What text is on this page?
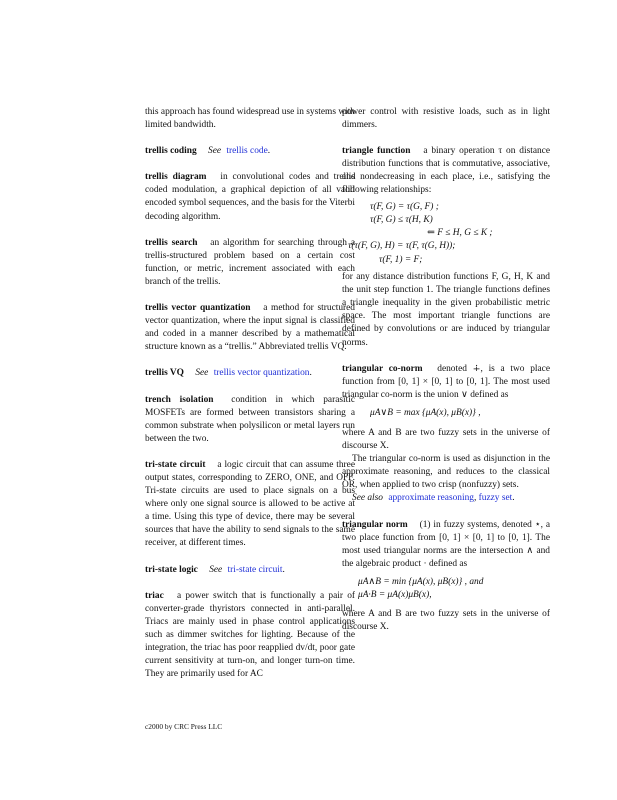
this approach has found widespread use in systems with limited bandwidth.

trellis coding See trellis code.

trellis diagram in convolutional codes and trellis coded modulation, a graphical depiction of all valid encoded symbol sequences, and the basis for the Viterbi decoding algorithm.

trellis search an algorithm for searching through a trellis-structured problem based on a certain cost function, or metric, increment associated with each branch of the trellis.

trellis vector quantization a method for structured vector quantization, where the input signal is classified and coded in a manner described by a mathematical structure known as a “trellis.” Abbreviated trellis VQ.

trellis VQ See trellis vector quantization.

trench isolation condition in which parasitic MOSFETs are formed between transistors sharing a common substrate when polysilicon or metal layers run between the two.

tri-state circuit a logic circuit that can assume three output states, corresponding to ZERO, ONE, and OFF. Tri-state circuits are used to place signals on a bus where only one signal source is allowed to be active at a time. Using this type of device, there may be several sources that have the ability to send signals to the same receiver, at different times.

tri-state logic See tri-state circuit.

triac a power switch that is functionally a pair of converter-grade thyristors connected in anti-parallel. Triacs are mainly used in phase control applications such as dimmer switches for lighting. Because of the integration, the triac has poor reapplied dv/dt, poor gate current sensitivity at turn-on, and longer turn-on time. They are primarily used for AC

power control with resistive loads, such as in light dimmers.

triangle function a binary operation τ on distance distribution functions that is commutative, associative, and nondecreasing in each place, i.e., satisfying the following relationships:

τ(F, G) = τ(G, F) ;
τ(F, G) ≤ τ(H, K)
⇐ F ≤ H, G ≤ K ;
τ(τ(F, G), H) = τ(F, τ(G, H));
τ(F, 1) = F;

for any distance distribution functions F, G, H, K and the unit step function 1. The triangle functions defines a triangle inequality in the given probabilistic metric space. The most important triangle functions are defined by convolutions or are induced by triangular norms.

triangular co-norm denoted ∔, is a two place function from [0, 1] × [0, 1] to [0, 1]. The most used triangular co-norm is the union ∨ defined as

μA∨B = max {μA(x), μB(x)} ,

where A and B are two fuzzy sets in the universe of discourse X.

The triangular co-norm is used as disjunction in the approximate reasoning, and reduces to the classical OR, when applied to two crisp (nonfuzzy) sets.

See also approximate reasoning, fuzzy set.

triangular norm (1) in fuzzy systems, denoted ⋆, a two place function from [0, 1] × [0, 1] to [0, 1]. The most used triangular norms are the intersection ∧ and the algebraic product · defined as

μA∧B = min {μA(x), μB(x)} , and
μA·B = μA(x)μB(x),

where A and B are two fuzzy sets in the universe of discourse X.

c2000 by CRC Press LLC
